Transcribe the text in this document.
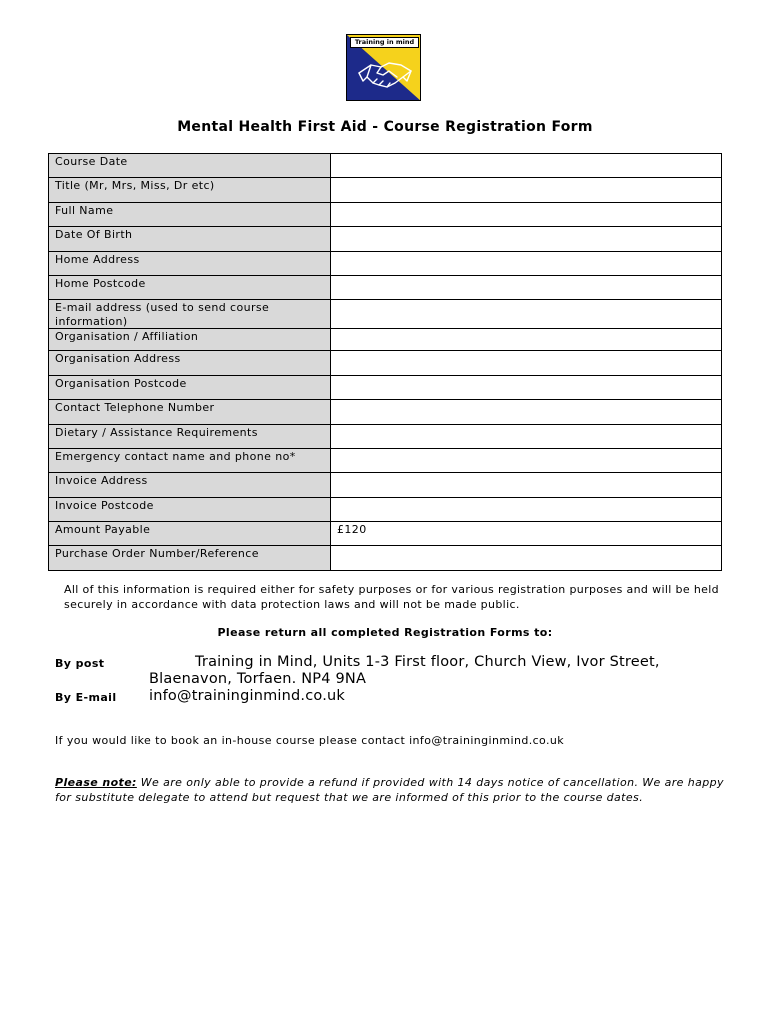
Training in mind
Mental Health First Aid - Course Registration Form
Course Date	
Title (Mr, Mrs, Miss, Dr etc)	
Full Name	
Date Of Birth	
Home Address	
Home Postcode	
E-mail address (used to send course information)	
Organisation / Affiliation	
Organisation Address	
Organisation Postcode	
Contact Telephone Number	
Dietary / Assistance Requirements	
Emergency contact name and phone no*	
Invoice Address	
Invoice Postcode	
Amount Payable	£120
Purchase Order Number/Reference	
All of this information is required either for safety purposes or for various registration purposes and will be held securely in accordance with data protection laws and will not be made public.
Please return all completed Registration Forms to:
By post	Training in Mind, Units 1-3 First floor, Church View, Ivor Street,
Blaenavon, Torfaen. NP4 9NA
By E-mail info@traininginmind.co.uk
If you would like to book an in-house course please contact info@traininginmind.co.uk
Please note: We are only able to provide a refund if provided with 14 days notice of cancellation. We are happy for substitute delegate to attend but request that we are informed of this prior to the course dates.
